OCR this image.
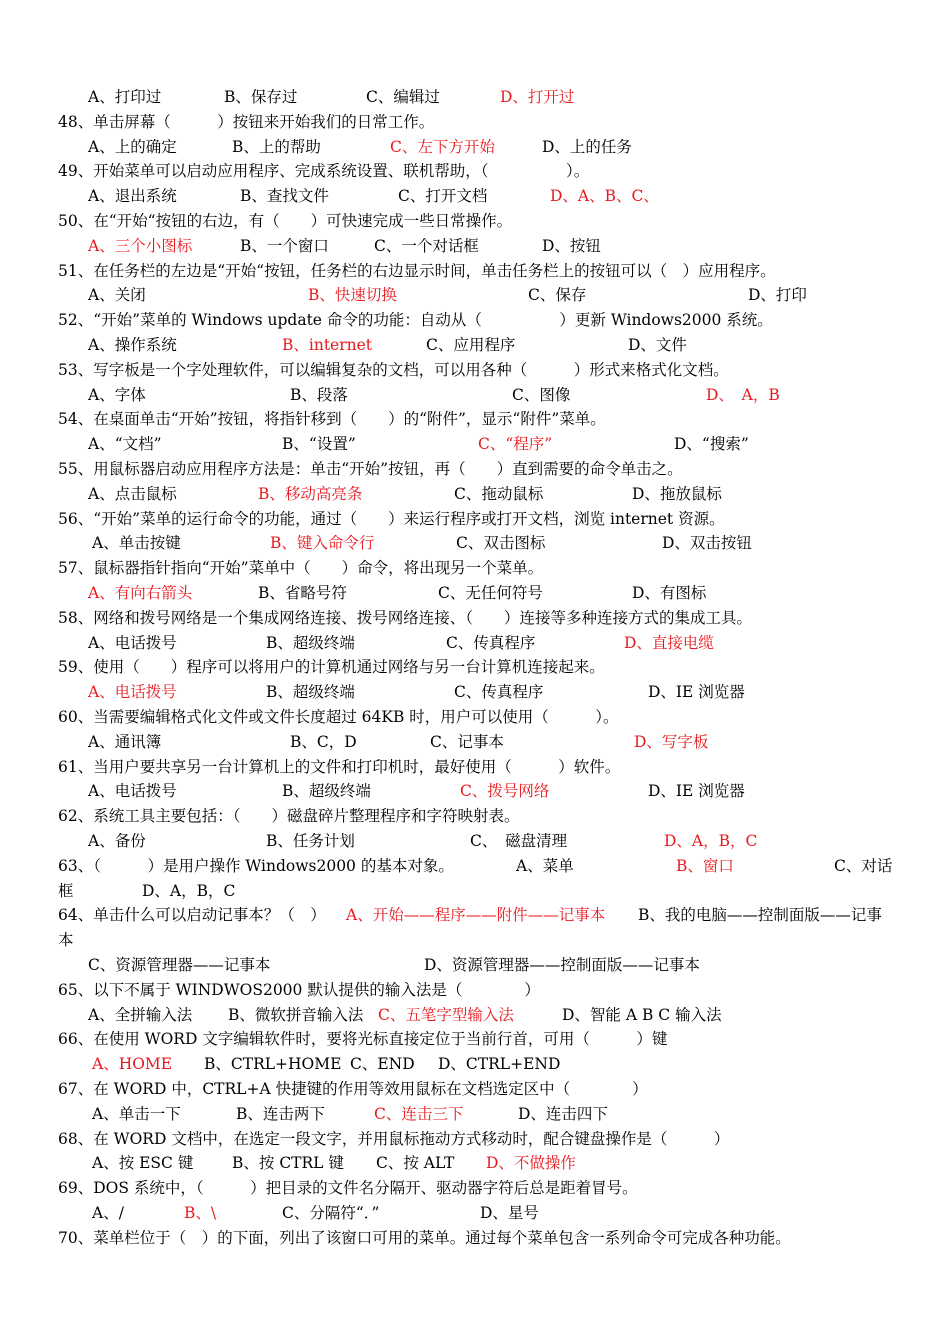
A、打印过	B、保存过	C、编辑过	D、打开过
48、单击屏幕（　　　）按钮来开始我们的日常工作。
A、上的确定	B、上的帮助	C、左下方开始	D、上的任务
49、开始菜单可以启动应用程序、完成系统设置、联机帮助，（　　　　　）。
A、退出系统	B、查找文件	C、打开文档	D、A、B、C、
50、在“开始“按钮的右边，有（　　）可快速完成一些日常操作。
A、三个小图标	B、一个窗口	C、一个对话框	D、按钮
51、在任务栏的左边是“开始“按钮，任务栏的右边显示时间，单击任务栏上的按钮可以（　）应用程序。
A、关闭	B、快速切换	C、保存	D、打印
52、“开始”菜单的 Windows update 命令的功能：自动从（　　　　　）更新 Windows2000 系统。
A、操作系统	B、internet	C、应用程序	D、文件
53、写字板是一个字处理软件，可以编辑复杂的文档，可以用各种（　　　）形式来格式化文档。
A、字体	B、段落	C、图像	D、　A，B
54、在桌面单击“开始”按钮，将指针移到（　　）的“附件”，显示“附件”菜单。
A、“文档”	B、“设置”	C、“程序”	D、“搜索”
55、用鼠标器启动应用程序方法是：单击“开始”按钮，再（　　）直到需要的命令单击之。
A、点击鼠标	B、移动高亮条	C、拖动鼠标	D、拖放鼠标
56、“开始”菜单的运行命令的功能，通过（　　）来运行程序或打开文档，浏览 internet 资源。
A、单击按键	B、键入命令行	C、双击图标	D、双击按钮
57、鼠标器指针指向“开始”菜单中（　　）命令，将出现另一个菜单。
A、有向右箭头	B、省略号符	C、无任何符号	D、有图标
58、网络和拨号网络是一个集成网络连接、拨号网络连接、（　　）连接等多种连接方式的集成工具。
A、电话拨号	B、超级终端	C、传真程序	D、直接电缆
59、使用（　　）程序可以将用户的计算机通过网络与另一台计算机连接起来。
A、电话拨号	B、超级终端	C、传真程序	D、IE 浏览器
60、当需要编辑格式化文件或文件长度超过 64KB 时，用户可以使用（　　　）。
A、通讯簿	B、C，D	C、记事本	D、写字板
61、当用户要共享另一台计算机上的文件和打印机时，最好使用（　　　）软件。
A、电话拨号	B、超级终端	C、拨号网络	D、IE 浏览器
62、系统工具主要包括：（　　）磁盘碎片整理程序和字符映射表。
A、备份	B、任务计划	C、　磁盘清理	D、A，B，C
63、（　　　）是用户操作 Windows2000 的基本对象。	A、菜单	B、窗口	C、对话
框	D、A，B，C
64、单击什么可以启动记事本？（　） A、开始——程序——附件——记事本 B、我的电脑——控制面版——记事
本
C、资源管理器——记事本	D、资源管理器——控制面版——记事本
65、以下不属于 WINDWOS2000 默认提供的输入法是（　　　　）
A、全拼输入法 B、微软拼音输入法 C、五笔字型输入法	D、智能 A B C 输入法
66、在使用 WORD 文字编辑软件时，要将光标直接定位于当前行首，可用（　　　）键
A、HOME B、CTRL+HOME C、END D、CTRL+END
67、在 WORD 中，CTRL+A 快捷键的作用等效用鼠标在文档选定区中（　　　　）
A、单击一下	B、连击两下	C、连击三下	D、连击四下
68、在 WORD 文档中，在选定一段文字，并用鼠标拖动方式移动时，配合键盘操作是（　　　）
A、按 ESC 键 B、按 CTRL 键 C、按 ALT D、不做操作
69、DOS 系统中，（　　　）把目录的文件名分隔开、驱动器字符后总是距着冒号。
A、/	B、\	C、分隔符“．”	D、星号
70、菜单栏位于（　）的下面，列出了该窗口可用的菜单。通过每个菜单包含一系列命令可完成各种功能。
